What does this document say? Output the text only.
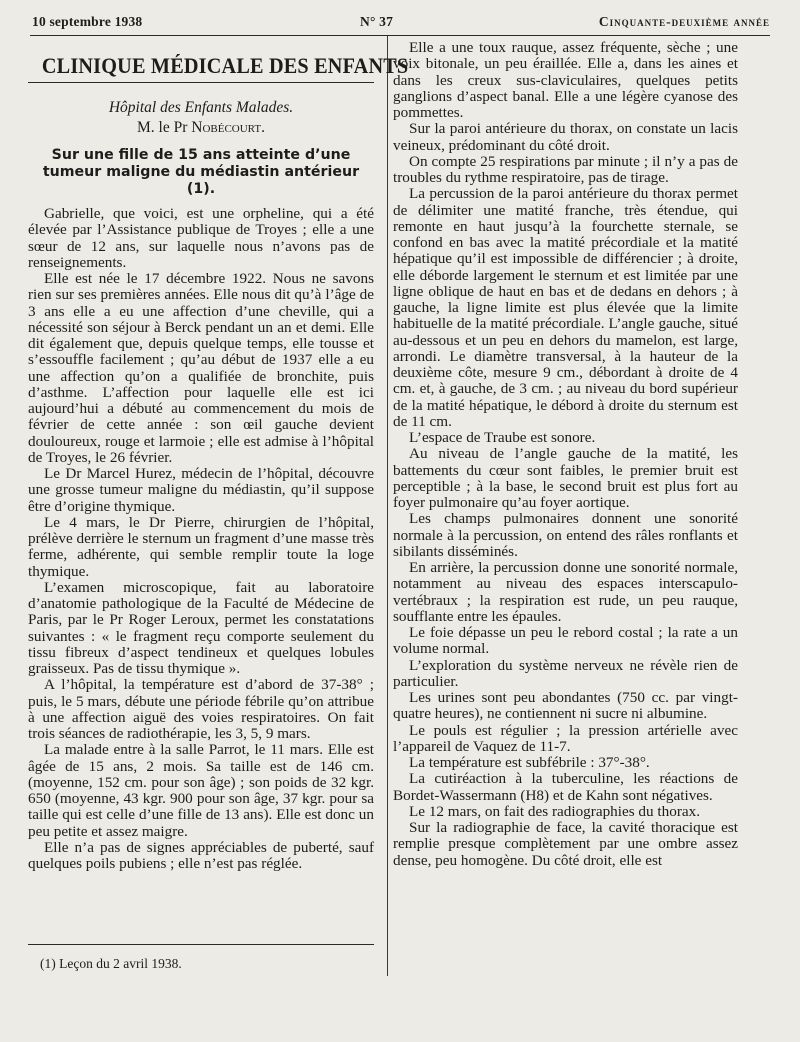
10 septembre 1938	N° 37	Cinquante-deuxième année

CLINIQUE MÉDICALE DES ENFANTS

Hôpital des Enfants Malades.

M. le Pr Nobécourt.

Sur une fille de 15 ans atteinte d’une tumeur maligne du médiastin antérieur (1).

Gabrielle, que voici, est une orpheline, qui a été élevée par l’Assistance publique de Troyes ; elle a une sœur de 12 ans, sur laquelle nous n’avons pas de renseignements.

Elle est née le 17 décembre 1922. Nous ne savons rien sur ses premières années. Elle nous dit qu’à l’âge de 3 ans elle a eu une affection d’une cheville, qui a nécessité son séjour à Berck pendant un an et demi. Elle dit également que, depuis quelque temps, elle tousse et s’essouffle facilement ; qu’au début de 1937 elle a eu une affection qu’on a qualifiée de bronchite, puis d’asthme. L’affection pour laquelle elle est ici aujourd’hui a débuté au commencement du mois de février de cette année : son œil gauche devient douloureux, rouge et larmoie ; elle est admise à l’hôpital de Troyes, le 26 février.

Le Dr Marcel Hurez, médecin de l’hôpital, découvre une grosse tumeur maligne du médiastin, qu’il suppose être d’origine thymique.

Le 4 mars, le Dr Pierre, chirurgien de l’hôpital, prélève derrière le sternum un fragment d’une masse très ferme, adhérente, qui semble remplir toute la loge thymique.

L’examen microscopique, fait au laboratoire d’anatomie pathologique de la Faculté de Médecine de Paris, par le Pr Roger Leroux, permet les constatations suivantes : « le fragment reçu comporte seulement du tissu fibreux d’aspect tendineux et quelques lobules graisseux. Pas de tissu thymique ».

A l’hôpital, la température est d’abord de 37-38° ; puis, le 5 mars, débute une période fébrile qu’on attribue à une affection aiguë des voies respiratoires. On fait trois séances de radiothérapie, les 3, 5, 9 mars.

La malade entre à la salle Parrot, le 11 mars. Elle est âgée de 15 ans, 2 mois. Sa taille est de 146 cm. (moyenne, 152 cm. pour son âge) ; son poids de 32 kgr. 650 (moyenne, 43 kgr. 900 pour son âge, 37 kgr. pour sa taille qui est celle d’une fille de 13 ans). Elle est donc un peu petite et assez maigre.

Elle n’a pas de signes appréciables de puberté, sauf quelques poils pubiens ; elle n’est pas réglée.

(1) Leçon du 2 avril 1938.

Elle a une toux rauque, assez fréquente, sèche ; une voix bitonale, un peu éraillée. Elle a, dans les aines et dans les creux sus-claviculaires, quelques petits ganglions d’aspect banal. Elle a une légère cyanose des pommettes.

Sur la paroi antérieure du thorax, on constate un lacis veineux, prédominant du côté droit.

On compte 25 respirations par minute ; il n’y a pas de troubles du rythme respiratoire, pas de tirage.

La percussion de la paroi antérieure du thorax permet de délimiter une matité franche, très étendue, qui remonte en haut jusqu’à la fourchette sternale, se confond en bas avec la matité précordiale et la matité hépatique qu’il est impossible de différencier ; à droite, elle déborde largement le sternum et est limitée par une ligne oblique de haut en bas et de dedans en dehors ; à gauche, la ligne limite est plus élevée que la limite habituelle de la matité précordiale. L’angle gauche, situé au-dessous et un peu en dehors du mamelon, est large, arrondi. Le diamètre transversal, à la hauteur de la deuxième côte, mesure 9 cm., débordant à droite de 4 cm. et, à gauche, de 3 cm. ; au niveau du bord supérieur de la matité hépatique, le débord à droite du sternum est de 11 cm.

L’espace de Traube est sonore.

Au niveau de l’angle gauche de la matité, les battements du cœur sont faibles, le premier bruit est perceptible ; à la base, le second bruit est plus fort au foyer pulmonaire qu’au foyer aortique.

Les champs pulmonaires donnent une sonorité normale à la percussion, on entend des râles ronflants et sibilants disséminés.

En arrière, la percussion donne une sonorité normale, notamment au niveau des espaces interscapulo-vertébraux ; la respiration est rude, un peu rauque, soufflante entre les épaules.

Le foie dépasse un peu le rebord costal ; la rate a un volume normal.

L’exploration du système nerveux ne révèle rien de particulier.

Les urines sont peu abondantes (750 cc. par vingt-quatre heures), ne contiennent ni sucre ni albumine.

Le pouls est régulier ; la pression artérielle avec l’appareil de Vaquez de 11-7.

La température est subfébrile : 37°-38°.

La cutiréaction à la tuberculine, les réactions de Bordet-Wassermann (H8) et de Kahn sont négatives.

Le 12 mars, on fait des radiographies du thorax.

Sur la radiographie de face, la cavité thoracique est remplie presque complètement par une ombre assez dense, peu homogène. Du côté droit, elle est
